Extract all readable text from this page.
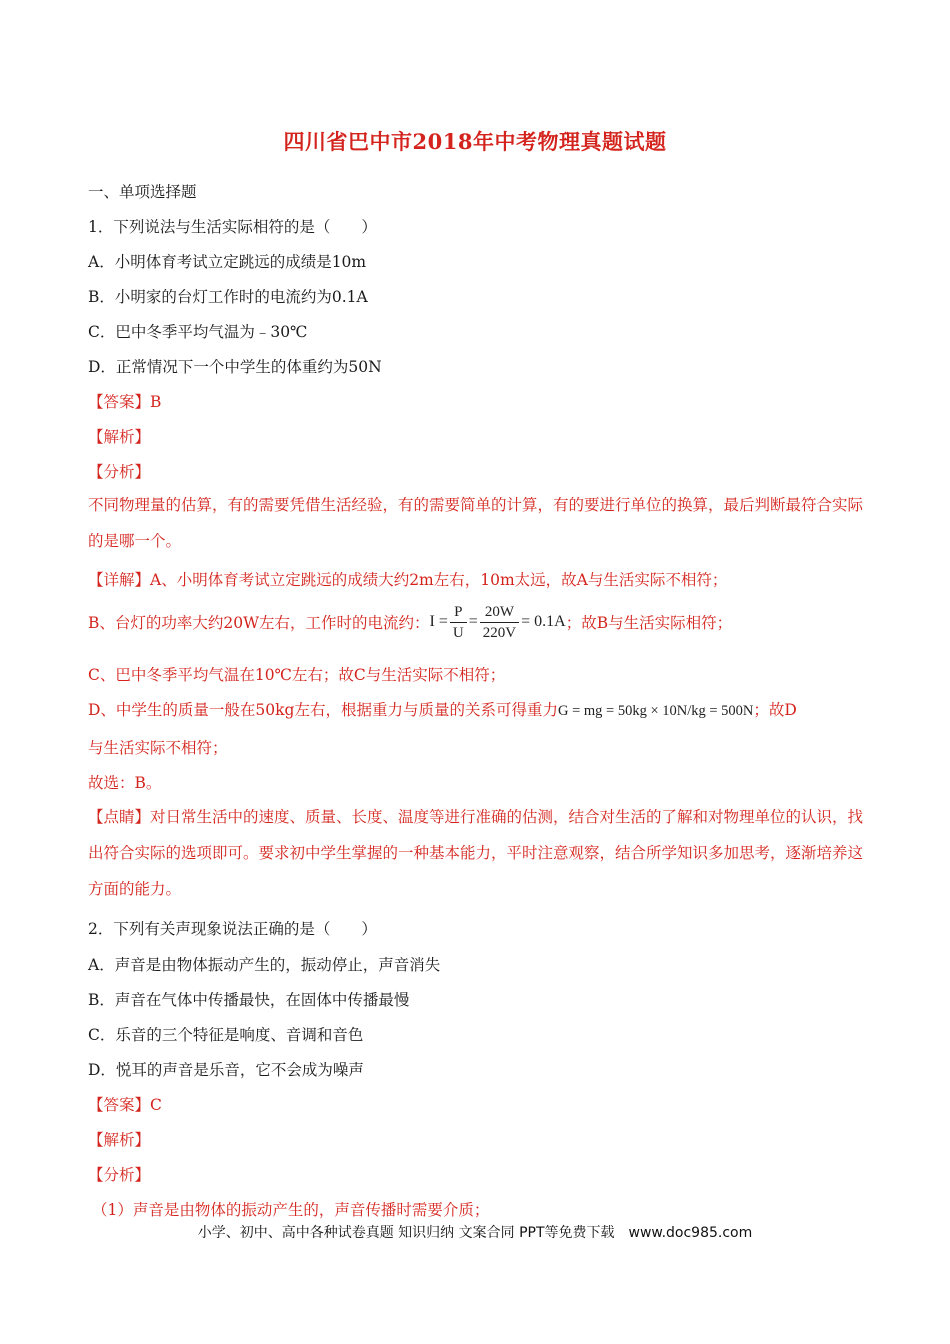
四川省巴中市2018年中考物理真题试题
一、单项选择题
1．下列说法与生活实际相符的是（　　）
A．小明体育考试立定跳远的成绩是10m
B．小明家的台灯工作时的电流约为0.1A
C．巴中冬季平均气温为﹣30℃
D．正常情况下一个中学生的体重约为50N
【答案】B
【解析】
【分析】
不同物理量的估算，有的需要凭借生活经验，有的需要简单的计算，有的要进行单位的换算，最后判断最符合实际的是哪一个。
【详解】A、小明体育考试立定跳远的成绩大约2m左右，10m太远，故A与生活实际不相符；
B、台灯的功率大约20W左右，工作时的电流约： $I = \frac{P}{U} = \frac{20W}{220V} = 0.1A$ ；故B与生活实际相符；
C、巴中冬季平均气温在10℃左右；故C与生活实际不相符；
D、中学生的质量一般在50kg左右，根据重力与质量的关系可得重力G = mg = 50kg × 10N/kg = 500N；故D
与生活实际不相符；
故选：B。
【点睛】对日常生活中的速度、质量、长度、温度等进行准确的估测，结合对生活的了解和对物理单位的认识，找出符合实际的选项即可。要求初中学生掌握的一种基本能力，平时注意观察，结合所学知识多加思考，逐渐培养这方面的能力。
2．下列有关声现象说法正确的是（　　）
A．声音是由物体振动产生的，振动停止，声音消失
B．声音在气体中传播最快，在固体中传播最慢
C．乐音的三个特征是响度、音调和音色
D．悦耳的声音是乐音，它不会成为噪声
【答案】C
【解析】
【分析】
（1）声音是由物体的振动产生的，声音传播时需要介质；
小学、初中、高中各种试卷真题 知识归纳 文案合同 PPT等免费下载　www.doc985.com
